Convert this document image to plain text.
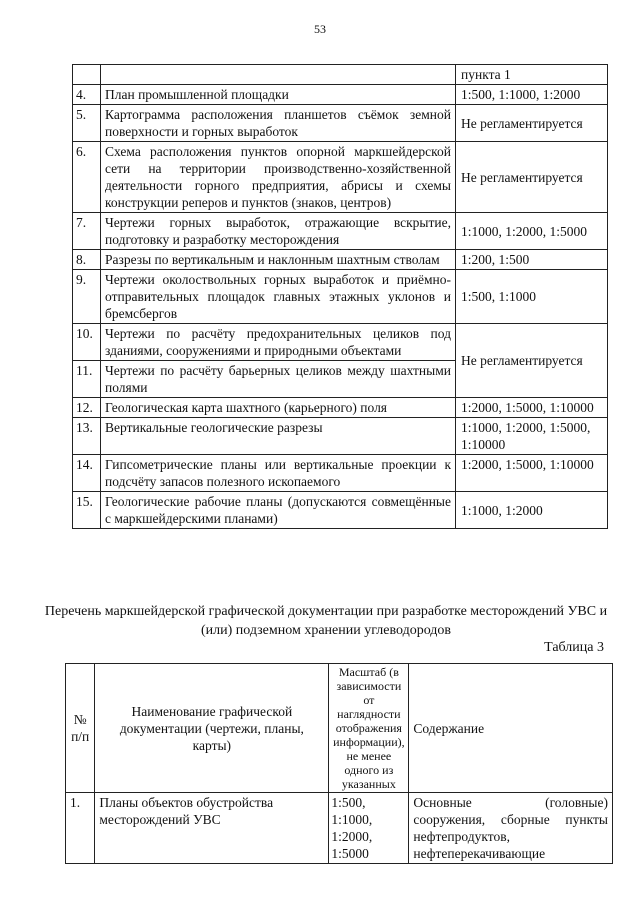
53
		пункта 1
4.	План промышленной площадки	1:500, 1:1000, 1:2000
5.	Картограмма расположения планшетов съёмок земной поверхности и горных выработок	Не регламентируется
6.	Схема расположения пунктов опорной маркшейдерской сети на территории производственно-хозяйственной деятельности горного предприятия, абрисы и схемы конструкции реперов и пунктов (знаков, центров)	Не регламентируется
7.	Чертежи горных выработок, отражающие вскрытие, подготовку и разработку месторождения	1:1000, 1:2000, 1:5000
8.	Разрезы по вертикальным и наклонным шахтным стволам	1:200, 1:500
9.	Чертежи околоствольных горных выработок и приёмно-отправительных площадок главных этажных уклонов и бремсбергов	1:500, 1:1000
10.	Чертежи по расчёту предохранительных целиков под зданиями, сооружениями и природными объектами	Не регламентируется
11.	Чертежи по расчёту барьерных целиков между шахтными полями	
12.	Геологическая карта шахтного (карьерного) поля	1:2000, 1:5000, 1:10000
13.	Вертикальные геологические разрезы	1:1000, 1:2000, 1:5000, 1:10000
14.	Гипсометрические планы или вертикальные проекции к подсчёту запасов полезного ископаемого	1:2000, 1:5000, 1:10000
15.	Геологические рабочие планы (допускаются совмещённые с маркшейдерскими планами)	1:1000, 1:2000
Перечень маркшейдерской графической документации при разработке месторождений УВС и (или) подземном хранении углеводородов
Таблица 3
№ п/п	Наименование графической документации (чертежи, планы, карты)	Масштаб (в зависимости от наглядности отображения информации), не менее одного из указанных	Содержание
1.	Планы объектов обустройства месторождений УВС	1:500, 1:1000, 1:2000, 1:5000	Основные (головные) сооружения, сборные пункты нефтепродуктов, нефтеперекачивающие
